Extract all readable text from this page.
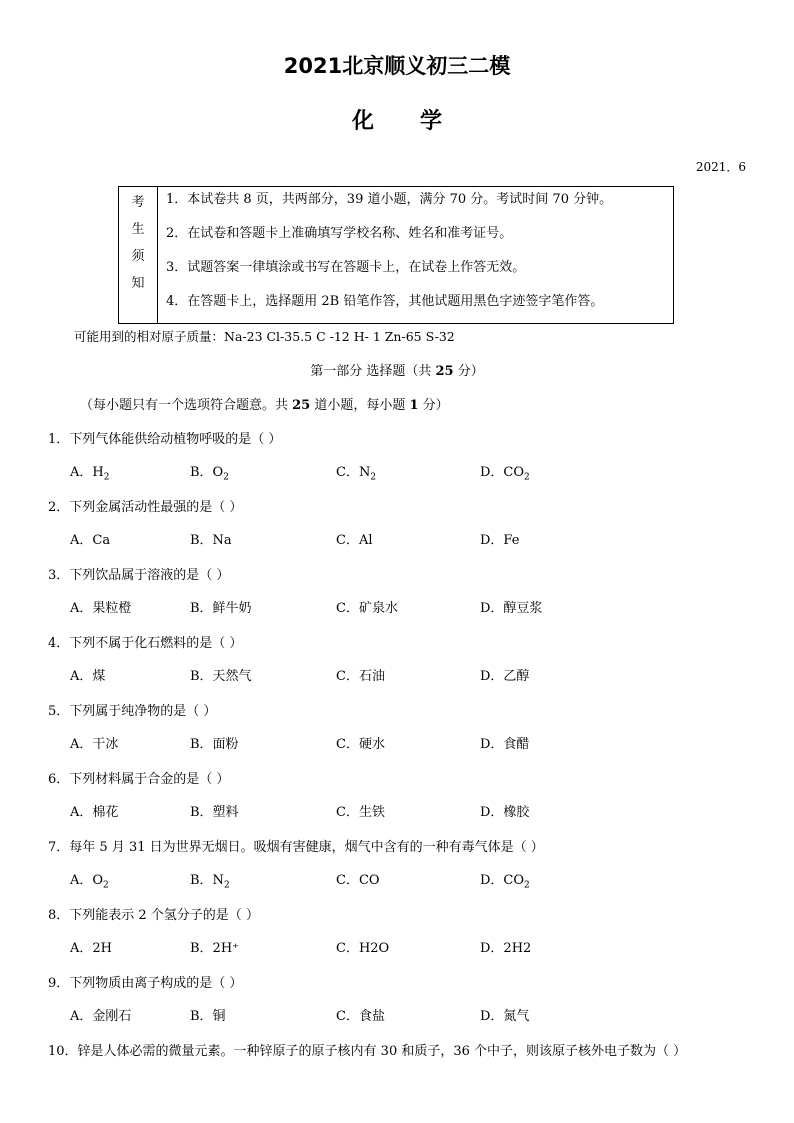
2021北京顺义初三二模
化学
2021．6
考
生
须
知
1．本试卷共 8 页，共两部分，39 道小题，满分 70 分。考试时间 70 分钟。
2．在试卷和答题卡上准确填写学校名称、姓名和准考证号。
3．试题答案一律填涂或书写在答题卡上，在试卷上作答无效。
4．在答题卡上，选择题用 2B 铅笔作答，其他试题用黑色字迹签字笔作答。
可能用到的相对原子质量：Na-23 Cl-35.5 C -12 H- 1 Zn-65 S-32
第一部分 选择题（共 25 分）
（每小题只有一个选项符合题意。共 25 道小题，每小题 1 分）
1．下列气体能供给动植物呼吸的是（ ）
A．$H_2$	B．$O_2$	C．$N_2$	D．$CO_2$
2．下列金属活动性最强的是（ ）
A．Ca	B．Na	C．Al	D．Fe
3．下列饮品属于溶液的是（ ）
A．果粒橙	B．鲜牛奶	C．矿泉水	D．醇豆浆
4．下列不属于化石燃料的是（ ）
A．煤	B．天然气	C．石油	D．乙醇
5．下列属于纯净物的是（ ）
A．干冰	B．面粉	C．硬水	D．食醋
6．下列材料属于合金的是（ ）
A．棉花	B．塑料	C．生铁	D．橡胶
7．每年 5 月 31 日为世界无烟日。吸烟有害健康，烟气中含有的一种有毒气体是（ ）
A．$O_2$	B．$N_2$	C．CO	D．$CO_2$
8．下列能表示 2 个氢分子的是（ ）
A．2H	B．2H⁺	C．H2O	D．2H2
9．下列物质由离子构成的是（ ）
A．金刚石	B．铜	C．食盐	D．氮气
10．锌是人体必需的微量元素。一种锌原子的原子核内有 30 和质子，36 个中子，则该原子核外电子数为（ ）
